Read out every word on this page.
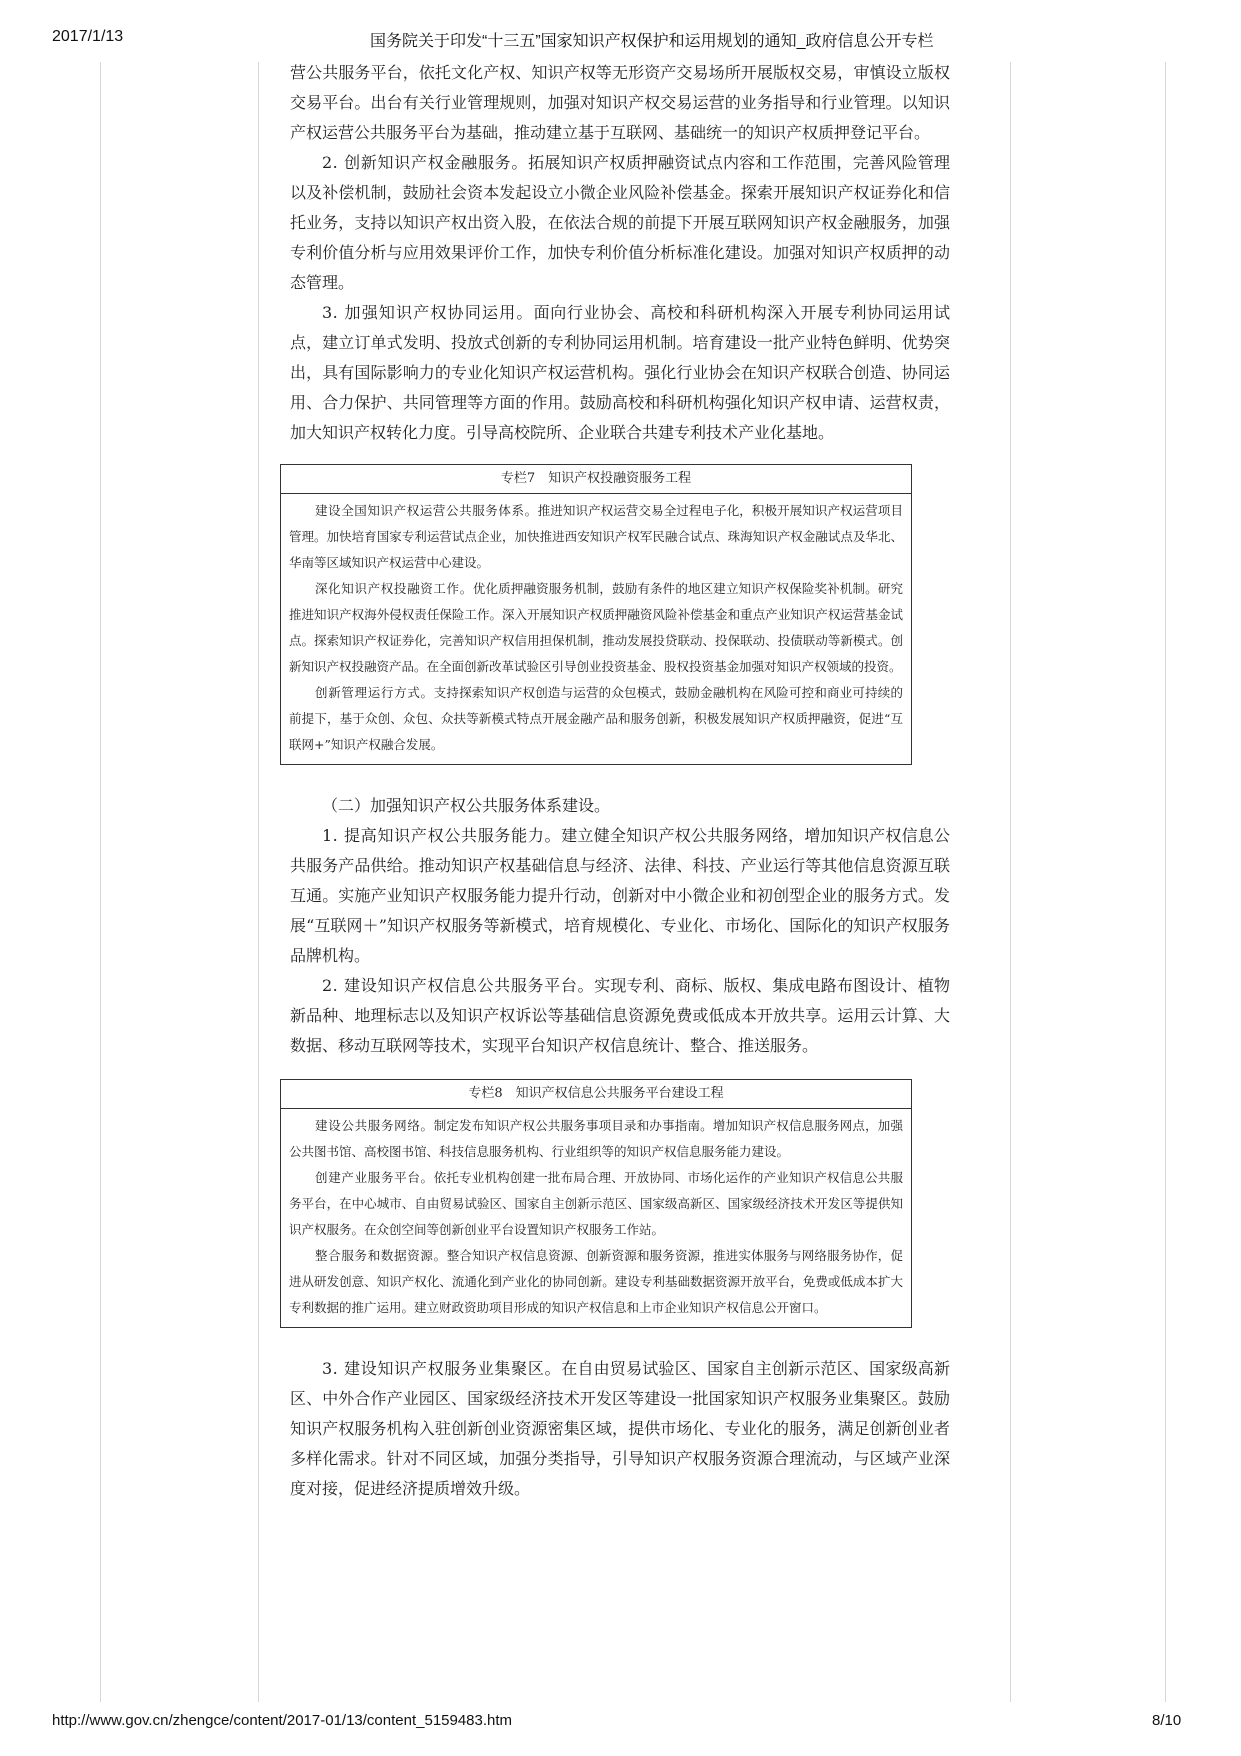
2017/1/13	国务院关于印发“十三五”国家知识产权保护和运用规划的通知_政府信息公开专栏

营公共服务平台，依托文化产权、知识产权等无形资产交易场所开展版权交易，审慎设立版权交易平台。出台有关行业管理规则，加强对知识产权交易运营的业务指导和行业管理。以知识产权运营公共服务平台为基础，推动建立基于互联网、基础统一的知识产权质押登记平台。

2. 创新知识产权金融服务。拓展知识产权质押融资试点内容和工作范围，完善风险管理以及补偿机制，鼓励社会资本发起设立小微企业风险补偿基金。探索开展知识产权证券化和信托业务，支持以知识产权出资入股，在依法合规的前提下开展互联网知识产权金融服务，加强专利价值分析与应用效果评价工作，加快专利价值分析标准化建设。加强对知识产权质押的动态管理。

3. 加强知识产权协同运用。面向行业协会、高校和科研机构深入开展专利协同运用试点，建立订单式发明、投放式创新的专利协同运用机制。培育建设一批产业特色鲜明、优势突出，具有国际影响力的专业化知识产权运营机构。强化行业协会在知识产权联合创造、协同运用、合力保护、共同管理等方面的作用。鼓励高校和科研机构强化知识产权申请、运营权责，加大知识产权转化力度。引导高校院所、企业联合共建专利技术产业化基地。

专栏7　知识产权投融资服务工程

建设全国知识产权运营公共服务体系。推进知识产权运营交易全过程电子化，积极开展知识产权运营项目管理。加快培育国家专利运营试点企业，加快推进西安知识产权军民融合试点、珠海知识产权金融试点及华北、华南等区域知识产权运营中心建设。

深化知识产权投融资工作。优化质押融资服务机制，鼓励有条件的地区建立知识产权保险奖补机制。研究推进知识产权海外侵权责任保险工作。深入开展知识产权质押融资风险补偿基金和重点产业知识产权运营基金试点。探索知识产权证券化，完善知识产权信用担保机制，推动发展投贷联动、投保联动、投债联动等新模式。创新知识产权投融资产品。在全面创新改革试验区引导创业投资基金、股权投资基金加强对知识产权领域的投资。

创新管理运行方式。支持探索知识产权创造与运营的众包模式，鼓励金融机构在风险可控和商业可持续的前提下，基于众创、众包、众扶等新模式特点开展金融产品和服务创新，积极发展知识产权质押融资，促进“互联网+”知识产权融合发展。

（二）加强知识产权公共服务体系建设。

1. 提高知识产权公共服务能力。建立健全知识产权公共服务网络，增加知识产权信息公共服务产品供给。推动知识产权基础信息与经济、法律、科技、产业运行等其他信息资源互联互通。实施产业知识产权服务能力提升行动，创新对中小微企业和初创型企业的服务方式。发展“互联网＋”知识产权服务等新模式，培育规模化、专业化、市场化、国际化的知识产权服务品牌机构。

2. 建设知识产权信息公共服务平台。实现专利、商标、版权、集成电路布图设计、植物新品种、地理标志以及知识产权诉讼等基础信息资源免费或低成本开放共享。运用云计算、大数据、移动互联网等技术，实现平台知识产权信息统计、整合、推送服务。

专栏8　知识产权信息公共服务平台建设工程

建设公共服务网络。制定发布知识产权公共服务事项目录和办事指南。增加知识产权信息服务网点，加强公共图书馆、高校图书馆、科技信息服务机构、行业组织等的知识产权信息服务能力建设。

创建产业服务平台。依托专业机构创建一批布局合理、开放协同、市场化运作的产业知识产权信息公共服务平台，在中心城市、自由贸易试验区、国家自主创新示范区、国家级高新区、国家级经济技术开发区等提供知识产权服务。在众创空间等创新创业平台设置知识产权服务工作站。

整合服务和数据资源。整合知识产权信息资源、创新资源和服务资源，推进实体服务与网络服务协作，促进从研发创意、知识产权化、流通化到产业化的协同创新。建设专利基础数据资源开放平台，免费或低成本扩大专利数据的推广运用。建立财政资助项目形成的知识产权信息和上市企业知识产权信息公开窗口。

3. 建设知识产权服务业集聚区。在自由贸易试验区、国家自主创新示范区、国家级高新区、中外合作产业园区、国家级经济技术开发区等建设一批国家知识产权服务业集聚区。鼓励知识产权服务机构入驻创新创业资源密集区域，提供市场化、专业化的服务，满足创新创业者多样化需求。针对不同区域，加强分类指导，引导知识产权服务资源合理流动，与区域产业深度对接，促进经济提质增效升级。

http://www.gov.cn/zhengce/content/2017-01/13/content_5159483.htm	8/10
